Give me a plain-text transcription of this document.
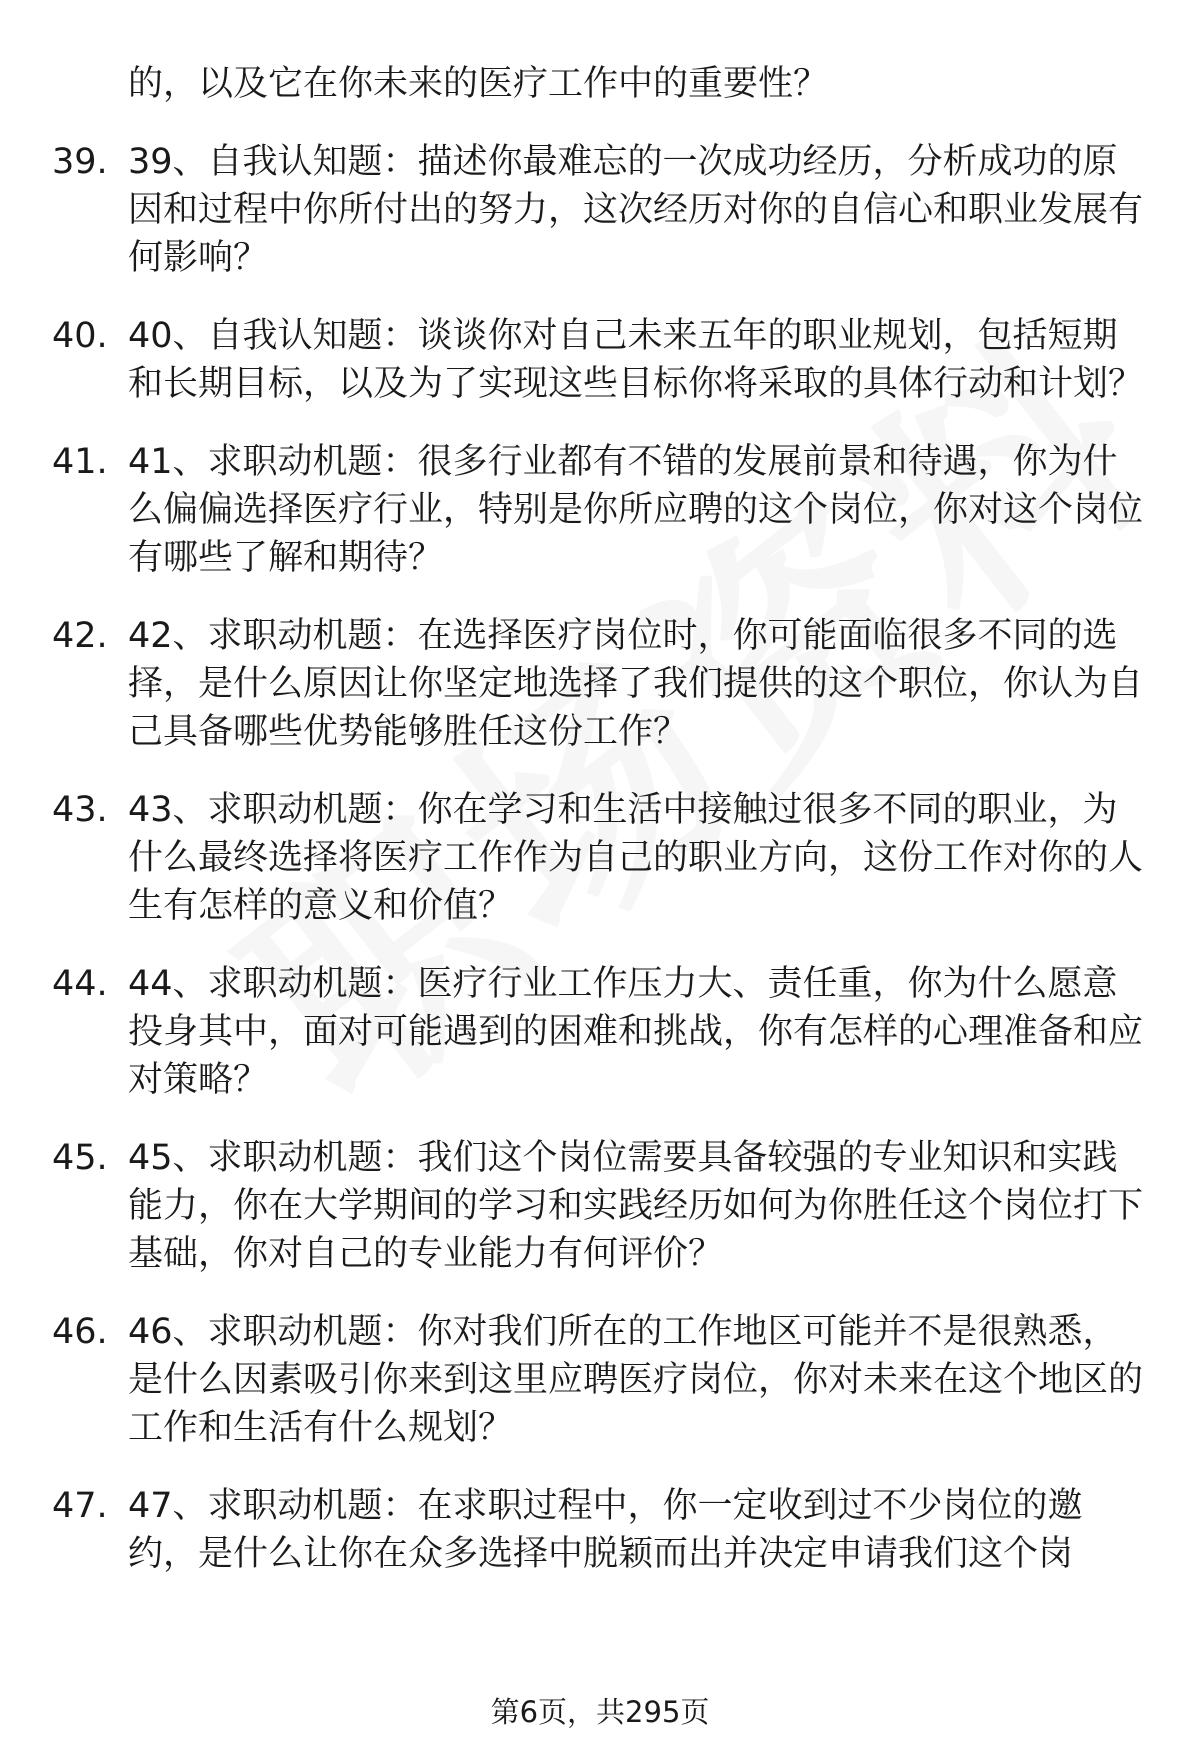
的，以及它在你未来的医疗工作中的重要性？
39. 39、自我认知题：描述你最难忘的一次成功经历，分析成功的原因和过程中你所付出的努力，这次经历对你的自信心和职业发展有何影响？
40. 40、自我认知题：谈谈你对自己未来五年的职业规划，包括短期和长期目标，以及为了实现这些目标你将采取的具体行动和计划？
41. 41、求职动机题：很多行业都有不错的发展前景和待遇，你为什么偏偏选择医疗行业，特别是你所应聘的这个岗位，你对这个岗位有哪些了解和期待？
42. 42、求职动机题：在选择医疗岗位时，你可能面临很多不同的选择，是什么原因让你坚定地选择了我们提供的这个职位，你认为自己具备哪些优势能够胜任这份工作？
43. 43、求职动机题：你在学习和生活中接触过很多不同的职业，为什么最终选择将医疗工作作为自己的职业方向，这份工作对你的人生有怎样的意义和价值？
44. 44、求职动机题：医疗行业工作压力大、责任重，你为什么愿意投身其中，面对可能遇到的困难和挑战，你有怎样的心理准备和应对策略？
45. 45、求职动机题：我们这个岗位需要具备较强的专业知识和实践能力，你在大学期间的学习和实践经历如何为你胜任这个岗位打下基础，你对自己的专业能力有何评价？
46. 46、求职动机题：你对我们所在的工作地区可能并不是很熟悉，是什么因素吸引你来到这里应聘医疗岗位，你对未来在这个地区的工作和生活有什么规划？
47. 47、求职动机题：在求职过程中，你一定收到过不少岗位的邀约，是什么让你在众多选择中脱颖而出并决定申请我们这个岗
第6页，共295页
